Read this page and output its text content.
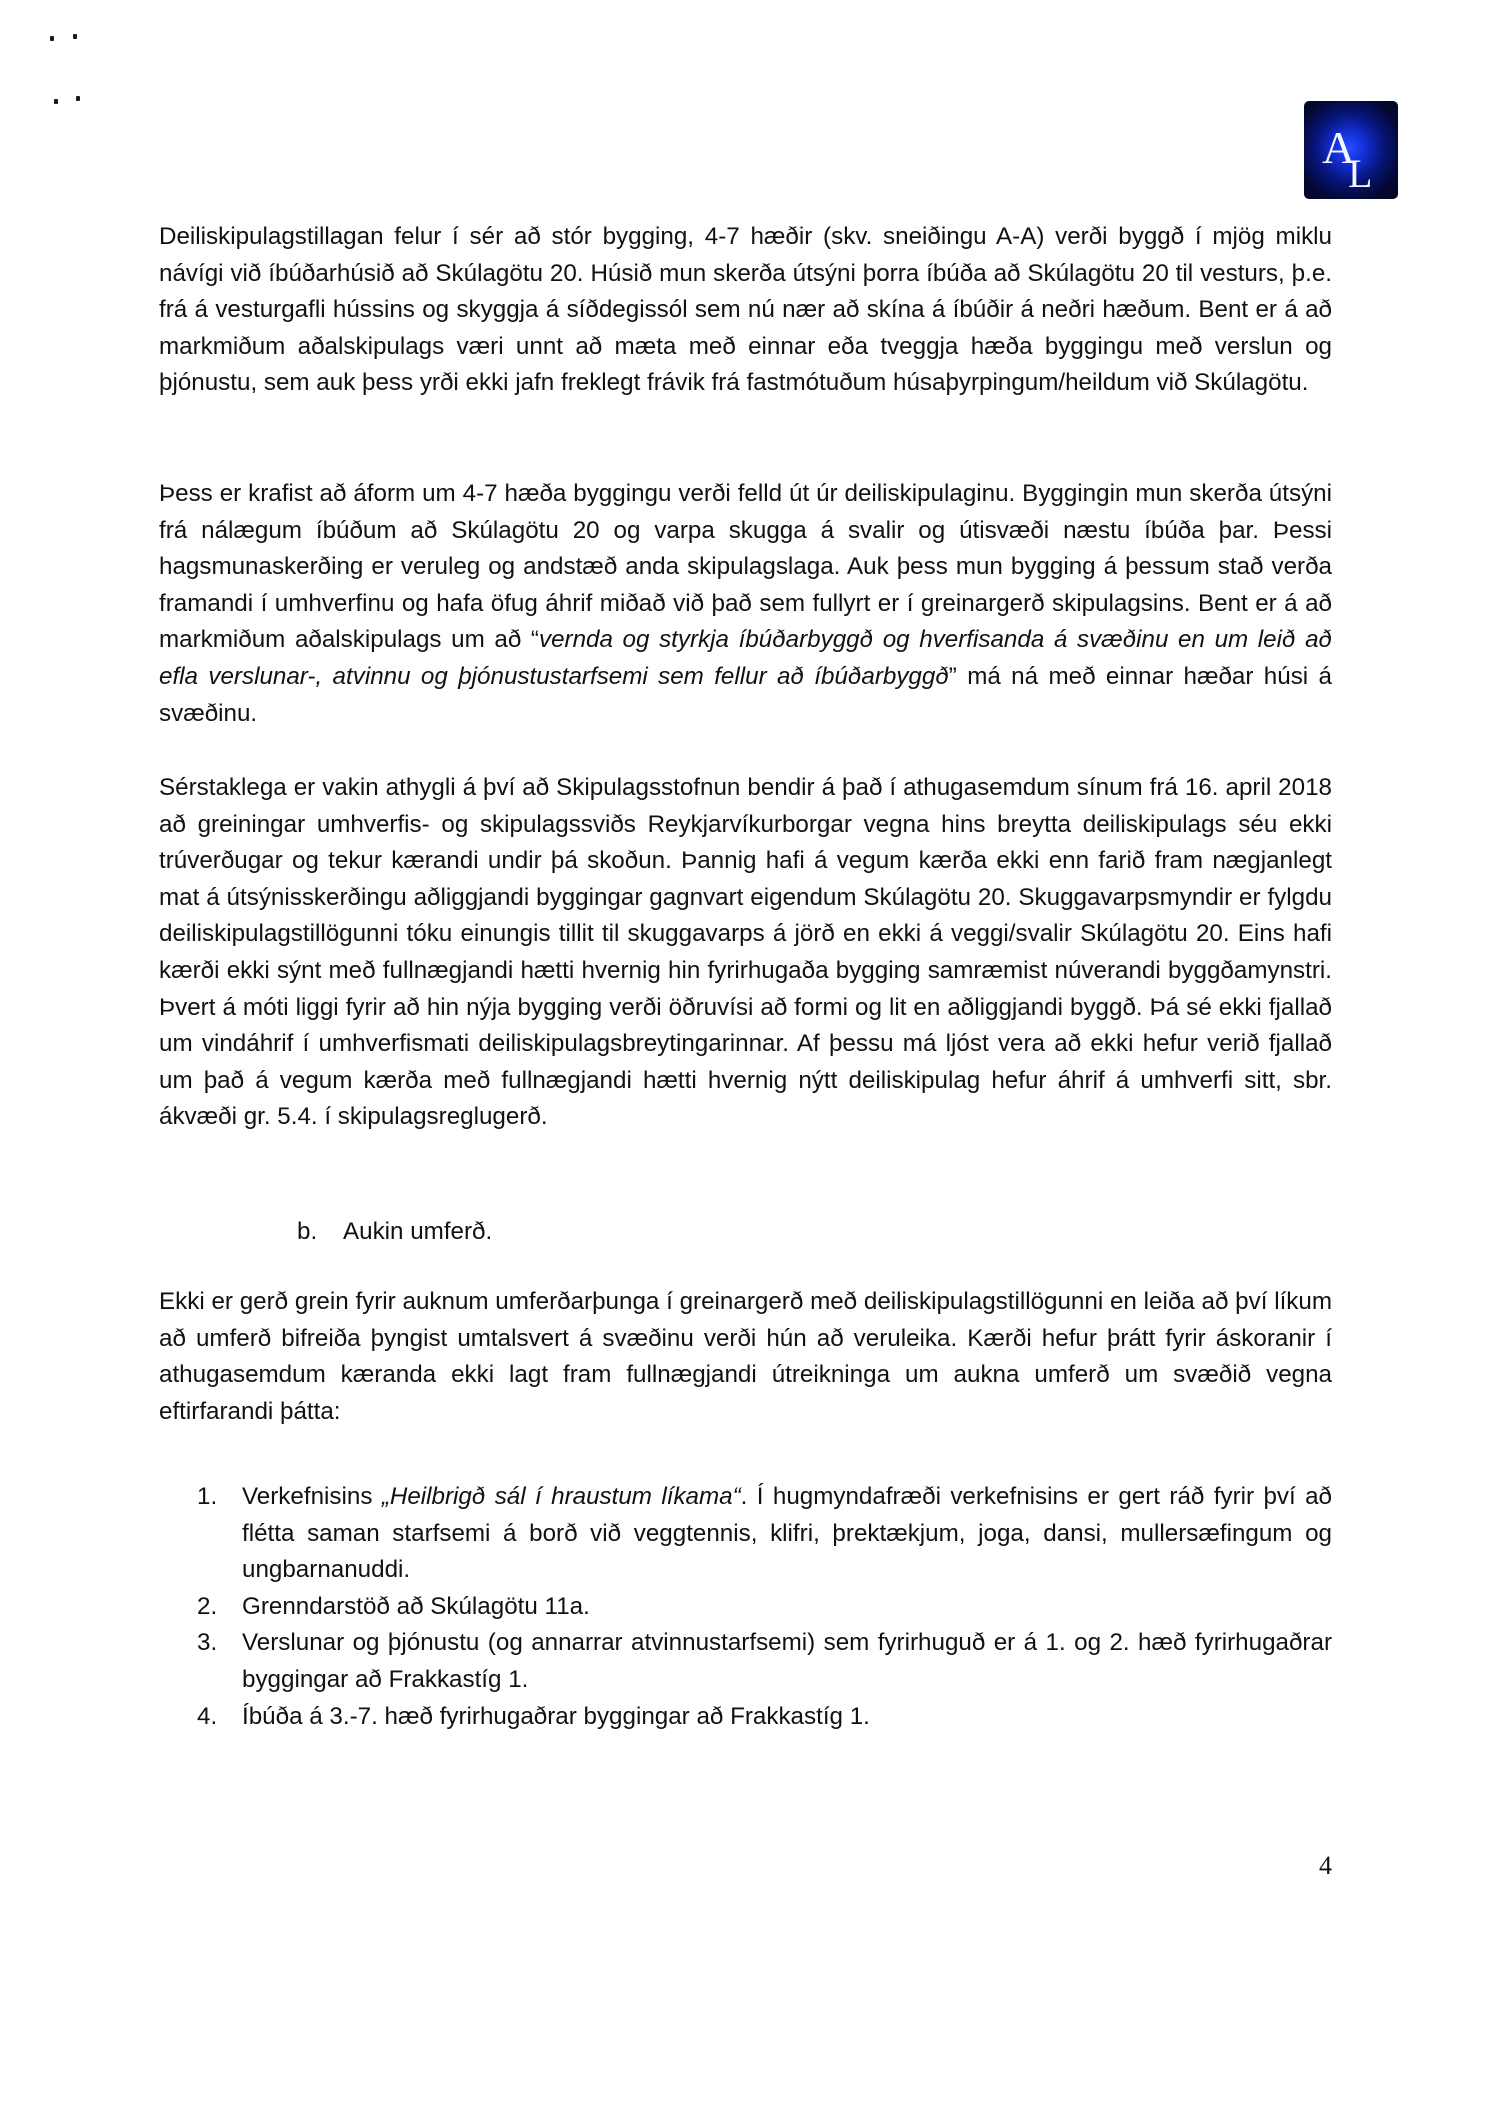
A
L

Deiliskipulagstillagan felur í sér að stór bygging, 4-7 hæðir (skv. sneiðingu A-A) verði byggð í mjög miklu návígi við íbúðarhúsið að Skúlagötu 20. Húsið mun skerða útsýni þorra íbúða að Skúlagötu 20 til vesturs, þ.e. frá á vesturgafli hússins og skyggja á síðdegissól sem nú nær að skína á íbúðir á neðri hæðum. Bent er á að markmiðum aðalskipulags væri unnt að mæta með einnar eða tveggja hæða byggingu með verslun og þjónustu, sem auk þess yrði ekki jafn freklegt frávik frá fastmótuðum húsaþyrpingum/heildum við Skúlagötu.

Þess er krafist að áform um 4-7 hæða byggingu verði felld út úr deiliskipulaginu. Byggingin mun skerða útsýni frá nálægum íbúðum að Skúlagötu 20 og varpa skugga á svalir og útisvæði næstu íbúða þar. Þessi hagsmunaskerðing er veruleg og andstæð anda skipulagslaga. Auk þess mun bygging á þessum stað verða framandi í umhverfinu og hafa öfug áhrif miðað við það sem fullyrt er í greinargerð skipulagsins. Bent er á að markmiðum aðalskipulags um að “vernda og styrkja íbúðarbyggð og hverfisanda á svæðinu en um leið að efla verslunar-, atvinnu og þjónustustarfsemi sem fellur að íbúðarbyggð” má ná með einnar hæðar húsi á svæðinu.

Sérstaklega er vakin athygli á því að Skipulagsstofnun bendir á það í athugasemdum sínum frá 16. april 2018 að greiningar umhverfis- og skipulagssviðs Reykjarvíkurborgar vegna hins breytta deiliskipulags séu ekki trúverðugar og tekur kærandi undir þá skoðun. Þannig hafi á vegum kærða ekki enn farið fram nægjanlegt mat á útsýnisskerðingu aðliggjandi byggingar gagnvart eigendum Skúlagötu 20. Skuggavarpsmyndir er fylgdu deiliskipulagstillögunni tóku einungis tillit til skuggavarps á jörð en ekki á veggi/svalir Skúlagötu 20. Eins hafi kærði ekki sýnt með fullnægjandi hætti hvernig hin fyrirhugaða bygging samræmist núverandi byggðamynstri. Þvert á móti liggi fyrir að hin nýja bygging verði öðruvísi að formi og lit en aðliggjandi byggð. Þá sé ekki fjallað um vindáhrif í umhverfismati deiliskipulagsbreytingarinnar. Af þessu má ljóst vera að ekki hefur verið fjallað um það á vegum kærða með fullnægjandi hætti hvernig nýtt deiliskipulag hefur áhrif á umhverfi sitt, sbr. ákvæði gr. 5.4. í skipulagsreglugerð.

b. Aukin umferð.

Ekki er gerð grein fyrir auknum umferðarþunga í greinargerð með deiliskipulagstillögunni en leiða að því líkum að umferð bifreiða þyngist umtalsvert á svæðinu verði hún að veruleika. Kærði hefur þrátt fyrir áskoranir í athugasemdum kæranda ekki lagt fram fullnægjandi útreikninga um aukna umferð um svæðið vegna eftirfarandi þátta:

1. Verkefnisins „Heilbrigð sál í hraustum líkama“. Í hugmyndafræði verkefnisins er gert ráð fyrir því að flétta saman starfsemi á borð við veggtennis, klifri, þrektækjum, joga, dansi, mullersæfingum og ungbarnanuddi.
2. Grenndarstöð að Skúlagötu 11a.
3. Verslunar og þjónustu (og annarrar atvinnustarfsemi) sem fyrirhuguð er á 1. og 2. hæð fyrirhugaðrar byggingar að Frakkastíg 1.
4. Íbúða á 3.-7. hæð fyrirhugaðrar byggingar að Frakkastíg 1.
4
